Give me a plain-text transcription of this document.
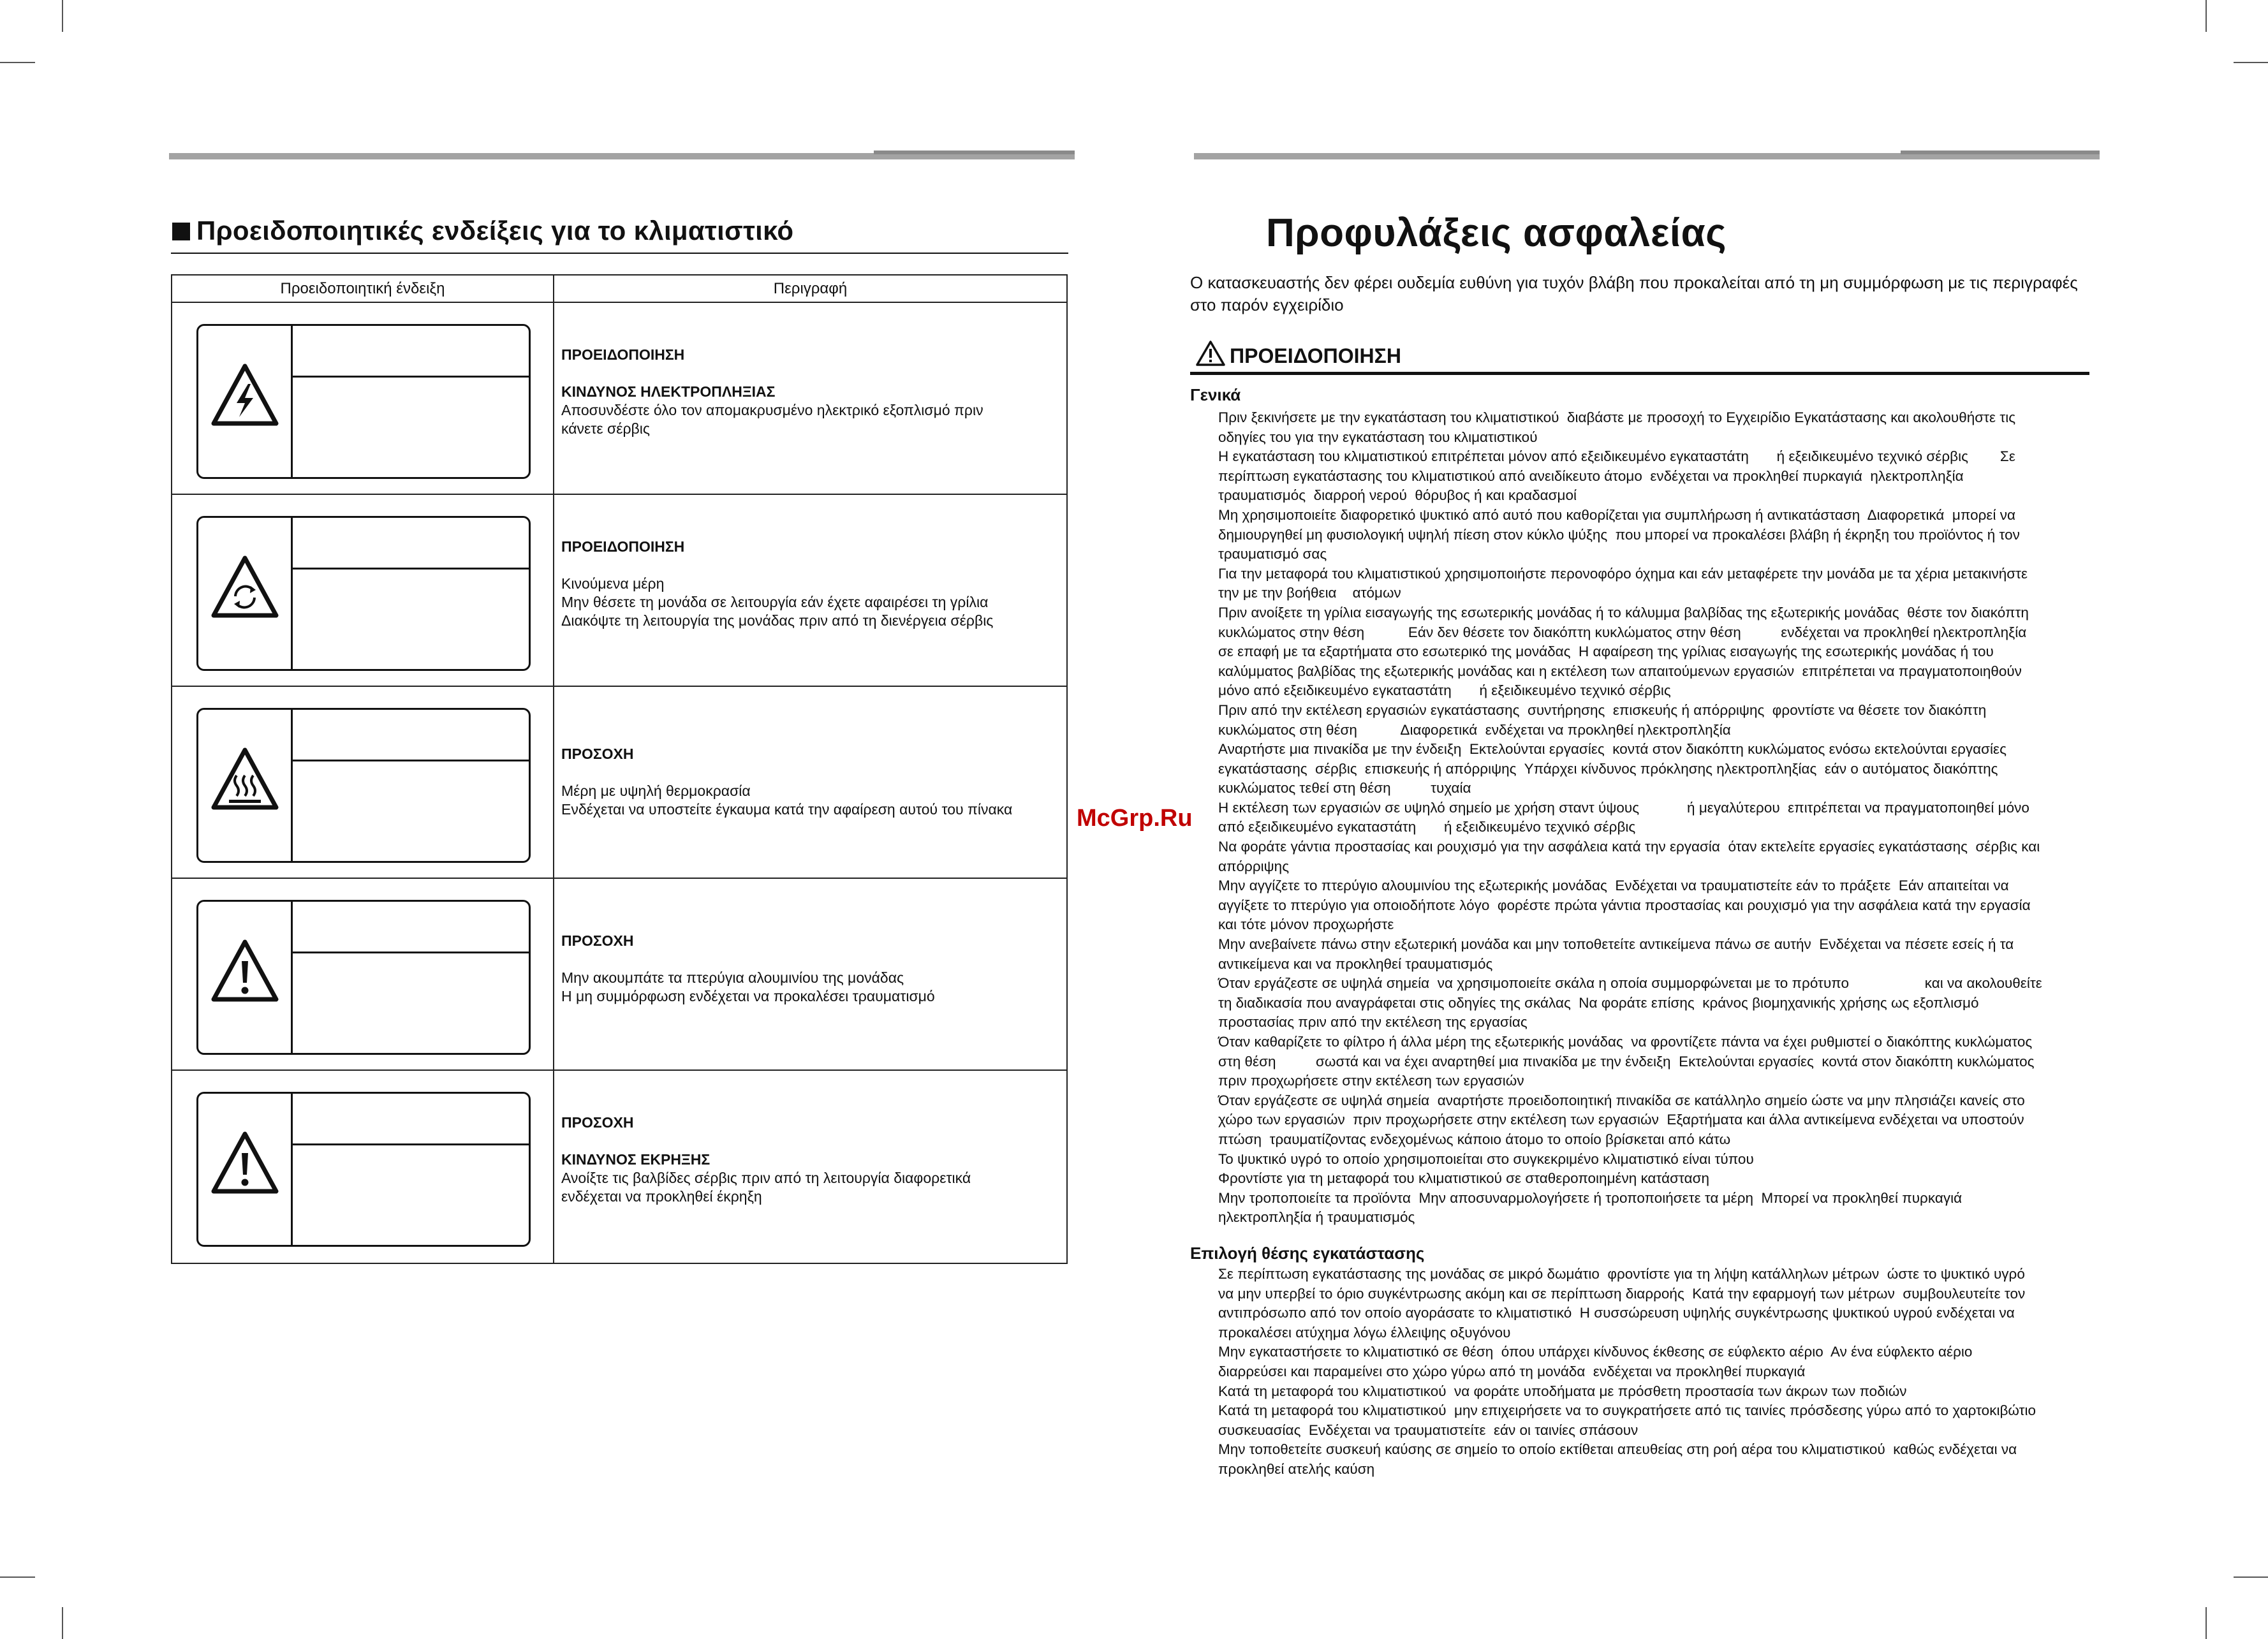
Προειδοποιητικές ενδείξεις για το κλιματιστικό
Προειδοποιητική ένδειξη	Περιγραφή
ΠΡΟΕΙΔΟΠΟΙΗΣΗ
ΚΙΝΔΥΝΟΣ ΗΛΕΚΤΡΟΠΛΗΞΙΑΣ
Αποσυνδέστε όλο τον απομακρυσμένο ηλεκτρικό εξοπλισμό πριν
κάνετε σέρβις
ΠΡΟΕΙΔΟΠΟΙΗΣΗ
Κινούμενα μέρη
Μην θέσετε τη μονάδα σε λειτουργία εάν έχετε αφαιρέσει τη γρίλια
Διακόψτε τη λειτουργία της μονάδας πριν από τη διενέργεια σέρβις
ΠΡΟΣΟΧΗ
Μέρη με υψηλή θερμοκρασία
Ενδέχεται να υποστείτε έγκαυμα κατά την αφαίρεση αυτού του πίνακα
ΠΡΟΣΟΧΗ
Μην ακουμπάτε τα πτερύγια αλουμινίου της μονάδας
Η μη συμμόρφωση ενδέχεται να προκαλέσει τραυματισμό
ΠΡΟΣΟΧΗ
ΚΙΝΔΥΝΟΣ ΕΚΡΗΞΗΣ
Ανοίξτε τις βαλβίδες σέρβις πριν από τη λειτουργία διαφορετικά
ενδέχεται να προκληθεί έκρηξη
Προφυλάξεις ασφαλείας
Ο κατασκευαστής δεν φέρει ουδεμία ευθύνη για τυχόν βλάβη που προκαλείται από τη μη συμμόρφωση με τις περιγραφές στο παρόν εγχειρίδιο
ΠΡΟΕΙΔΟΠΟΙΗΣΗ
Γενικά

Πριν ξεκινήσετε με την εγκατάσταση του κλιματιστικού  διαβάστε με προσοχή το Εγχειρίδιο Εγκατάστασης και ακολουθήστε τις

οδηγίες του για την εγκατάσταση του κλιματιστικού

Η εγκατάσταση του κλιματιστικού επιτρέπεται μόνον από εξειδικευμένο εγκαταστάτη       ή εξειδικευμένο τεχνικό σέρβις        Σε

περίπτωση εγκατάστασης του κλιματιστικού από ανειδίκευτο άτομο  ενδέχεται να προκληθεί πυρκαγιά  ηλεκτροπληξία

τραυματισμός  διαρροή νερού  θόρυβος ή και κραδασμοί

Μη χρησιμοποιείτε διαφορετικό ψυκτικό από αυτό που καθορίζεται για συμπλήρωση ή αντικατάσταση  Διαφορετικά  μπορεί να

δημιουργηθεί μη φυσιολογική υψηλή πίεση στον κύκλο ψύξης  που μπορεί να προκαλέσει βλάβη ή έκρηξη του προϊόντος ή τον

τραυματισμό σας

Για την μεταφορά του κλιματιστικού χρησιμοποιήστε περονοφόρο όχημα και εάν μεταφέρετε την μονάδα με τα χέρια μετακινήστε

την με την βοήθεια    ατόμων

Πριν ανοίξετε τη γρίλια εισαγωγής της εσωτερικής μονάδας ή το κάλυμμα βαλβίδας της εξωτερικής μονάδας  θέστε τον διακόπτη

κυκλώματος στην θέση           Εάν δεν θέσετε τον διακόπτη κυκλώματος στην θέση          ενδέχεται να προκληθεί ηλεκτροπληξία

σε επαφή με τα εξαρτήματα στο εσωτερικό της μονάδας  Η αφαίρεση της γρίλιας εισαγωγής της εσωτερικής μονάδας ή του

καλύμματος βαλβίδας της εξωτερικής μονάδας και η εκτέλεση των απαιτούμενων εργασιών  επιτρέπεται να πραγματοποιηθούν

μόνο από εξειδικευμένο εγκαταστάτη       ή εξειδικευμένο τεχνικό σέρβις

Πριν από την εκτέλεση εργασιών εγκατάστασης  συντήρησης  επισκευής ή απόρριψης  φροντίστε να θέσετε τον διακόπτη

κυκλώματος στη θέση           Διαφορετικά  ενδέχεται να προκληθεί ηλεκτροπληξία

Αναρτήστε μια πινακίδα με την ένδειξη  Εκτελούνται εργασίες  κοντά στον διακόπτη κυκλώματος ενόσω εκτελούνται εργασίες

εγκατάστασης  σέρβις  επισκευής ή απόρριψης  Υπάρχει κίνδυνος πρόκλησης ηλεκτροπληξίας  εάν ο αυτόματος διακόπτης

κυκλώματος τεθεί στη θέση          τυχαία

Η εκτέλεση των εργασιών σε υψηλό σημείο με χρήση σταντ ύψους            ή μεγαλύτερου  επιτρέπεται να πραγματοποιηθεί μόνο

από εξειδικευμένο εγκαταστάτη       ή εξειδικευμένο τεχνικό σέρβις

Να φοράτε γάντια προστασίας και ρουχισμό για την ασφάλεια κατά την εργασία  όταν εκτελείτε εργασίες εγκατάστασης  σέρβις και

απόρριψης

Μην αγγίζετε το πτερύγιο αλουμινίου της εξωτερικής μονάδας  Ενδέχεται να τραυματιστείτε εάν το πράξετε  Εάν απαιτείται να

αγγίξετε το πτερύγιο για οποιοδήποτε λόγο  φορέστε πρώτα γάντια προστασίας και ρουχισμό για την ασφάλεια κατά την εργασία

και τότε μόνον προχωρήστε

Μην ανεβαίνετε πάνω στην εξωτερική μονάδα και μην τοποθετείτε αντικείμενα πάνω σε αυτήν  Ενδέχεται να πέσετε εσείς ή τα

αντικείμενα και να προκληθεί τραυματισμός

Όταν εργάζεστε σε υψηλά σημεία  να χρησιμοποιείτε σκάλα η οποία συμμορφώνεται με το πρότυπο                   και να ακολουθείτε

τη διαδικασία που αναγράφεται στις οδηγίες της σκάλας  Να φοράτε επίσης  κράνος βιομηχανικής χρήσης ως εξοπλισμό

προστασίας πριν από την εκτέλεση της εργασίας

Όταν καθαρίζετε το φίλτρο ή άλλα μέρη της εξωτερικής μονάδας  να φροντίζετε πάντα να έχει ρυθμιστεί ο διακόπτης κυκλώματος

στη θέση          σωστά και να έχει αναρτηθεί μια πινακίδα με την ένδειξη  Εκτελούνται εργασίες  κοντά στον διακόπτη κυκλώματος

πριν προχωρήσετε στην εκτέλεση των εργασιών

Όταν εργάζεστε σε υψηλά σημεία  αναρτήστε προειδοποιητική πινακίδα σε κατάλληλο σημείο ώστε να μην πλησιάζει κανείς στο

χώρο των εργασιών  πριν προχωρήσετε στην εκτέλεση των εργασιών  Εξαρτήματα και άλλα αντικείμενα ενδέχεται να υποστούν

πτώση  τραυματίζοντας ενδεχομένως κάποιο άτομο το οποίο βρίσκεται από κάτω

Το ψυκτικό υγρό το οποίο χρησιμοποιείται στο συγκεκριμένο κλιματιστικό είναι τύπου

Φροντίστε για τη μεταφορά του κλιματιστικού σε σταθεροποιημένη κατάσταση

Μην τροποποιείτε τα προϊόντα  Μην αποσυναρμολογήσετε ή τροποποιήσετε τα μέρη  Μπορεί να προκληθεί πυρκαγιά

ηλεκτροπληξία ή τραυματισμός

Επιλογή θέσης εγκατάστασης

Σε περίπτωση εγκατάστασης της μονάδας σε μικρό δωμάτιο  φροντίστε για τη λήψη κατάλληλων μέτρων  ώστε το ψυκτικό υγρό

να μην υπερβεί το όριο συγκέντρωσης ακόμη και σε περίπτωση διαρροής  Κατά την εφαρμογή των μέτρων  συμβουλευτείτε τον

αντιπρόσωπο από τον οποίο αγοράσατε το κλιματιστικό  Η συσσώρευση υψηλής συγκέντρωσης ψυκτικού υγρού ενδέχεται να

προκαλέσει ατύχημα λόγω έλλειψης οξυγόνου

Μην εγκαταστήσετε το κλιματιστικό σε θέση  όπου υπάρχει κίνδυνος έκθεσης σε εύφλεκτο αέριο  Αν ένα εύφλεκτο αέριο

διαρρεύσει και παραμείνει στο χώρο γύρω από τη μονάδα  ενδέχεται να προκληθεί πυρκαγιά

Κατά τη μεταφορά του κλιματιστικού  να φοράτε υποδήματα με πρόσθετη προστασία των άκρων των ποδιών

Κατά τη μεταφορά του κλιματιστικού  μην επιχειρήσετε να το συγκρατήσετε από τις ταινίες πρόσδεσης γύρω από το χαρτοκιβώτιο

συσκευασίας  Ενδέχεται να τραυματιστείτε  εάν οι ταινίες σπάσουν

Μην τοποθετείτε συσκευή καύσης σε σημείο το οποίο εκτίθεται απευθείας στη ροή αέρα του κλιματιστικού  καθώς ενδέχεται να

προκληθεί ατελής καύση

McGrp.Ru
